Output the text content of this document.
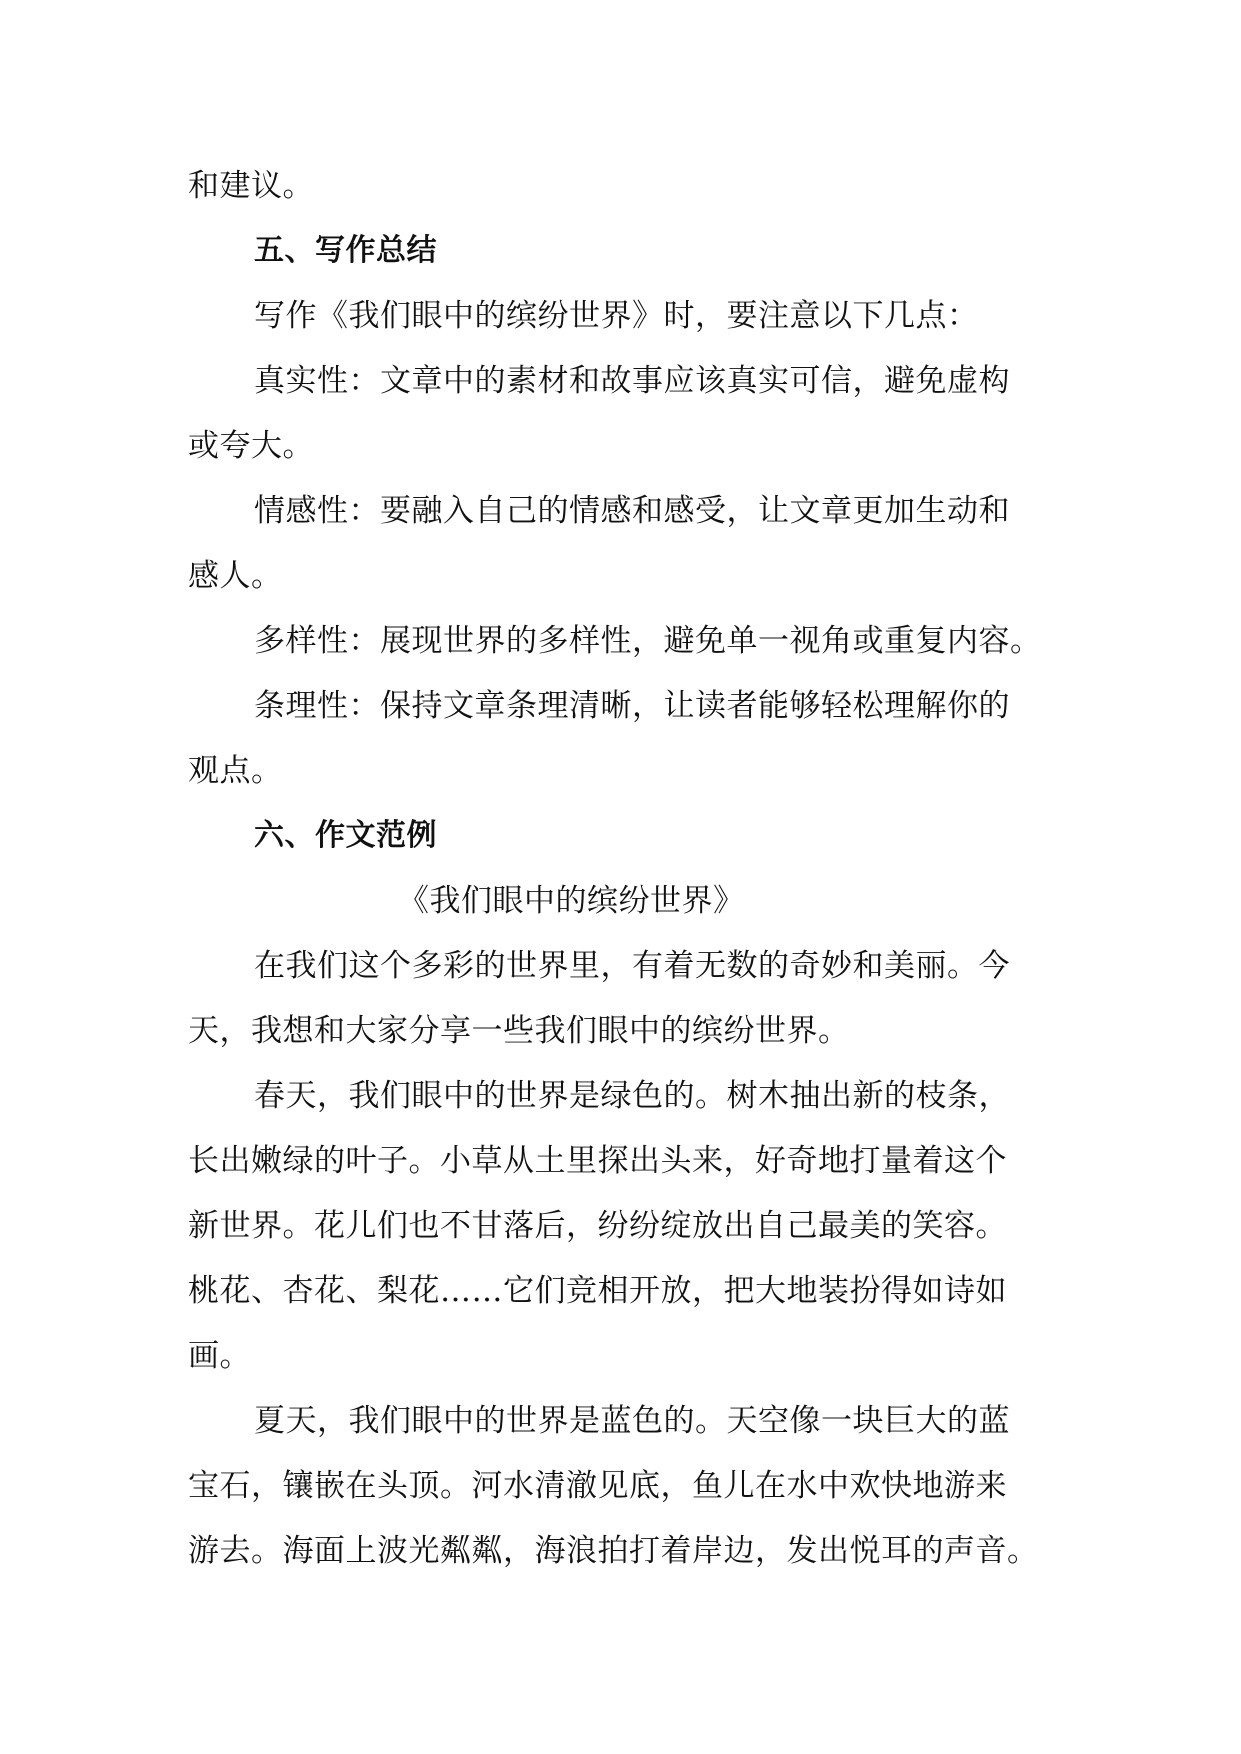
和建议。
五、写作总结
写作《我们眼中的缤纷世界》时，要注意以下几点：
真实性：文章中的素材和故事应该真实可信，避免虚构
或夸大。
情感性：要融入自己的情感和感受，让文章更加生动和
感人。
多样性：展现世界的多样性，避免单一视角或重复内容。
条理性：保持文章条理清晰，让读者能够轻松理解你的
观点。
六、作文范例
《我们眼中的缤纷世界》
在我们这个多彩的世界里，有着无数的奇妙和美丽。今
天，我想和大家分享一些我们眼中的缤纷世界。
春天，我们眼中的世界是绿色的。树木抽出新的枝条，
长出嫩绿的叶子。小草从土里探出头来，好奇地打量着这个
新世界。花儿们也不甘落后，纷纷绽放出自己最美的笑容。
桃花、杏花、梨花……它们竞相开放，把大地装扮得如诗如
画。
夏天，我们眼中的世界是蓝色的。天空像一块巨大的蓝
宝石，镶嵌在头顶。河水清澈见底，鱼儿在水中欢快地游来
游去。海面上波光粼粼，海浪拍打着岸边，发出悦耳的声音。
